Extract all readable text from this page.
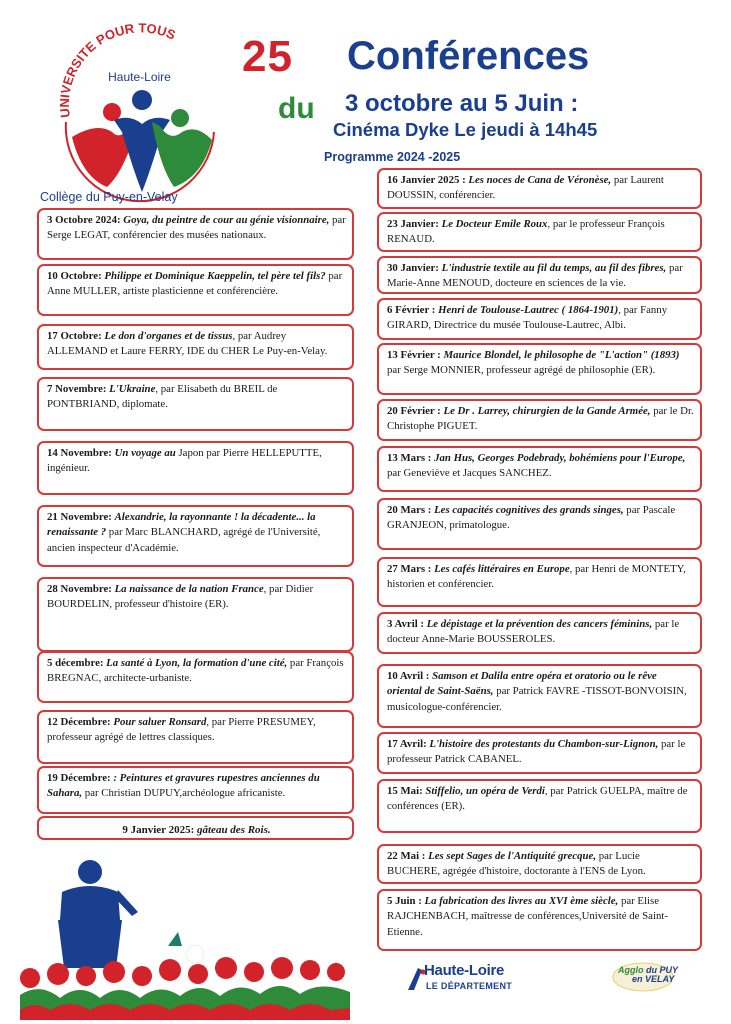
UNIVERSITE POUR TOUS
Haute-Loire
Collège du Puy-en-Velay
25 Conférences
du 3 octobre au 5 Juin :
Cinéma Dyke Le jeudi à 14h45
Programme 2024 -2025
3 Octobre 2024: Goya, du peintre de cour au génie visionnaire, par Serge LEGAT, conférencier des musées nationaux.
10 Octobre: Philippe et Dominique Kaeppelin, tel père tel fils? par Anne MULLER, artiste plasticienne et conférencière.
17 Octobre: Le don d'organes et de tissus, par Audrey ALLEMAND et Laure FERRY, IDE du CHER Le Puy-en-Velay.
7 Novembre: L'Ukraine, par Elisabeth du BREIL de PONTBRIAND, diplomate.
14 Novembre: Un voyage au Japon par Pierre HELLEPUTTE, ingénieur.
21 Novembre: Alexandrie, la rayonnante ! la décadente... la renaissante ? par Marc BLANCHARD, agrégé de l'Université, ancien inspecteur d'Académie.
28 Novembre: La naissance de la nation France, par Didier BOURDELIN, professeur d'histoire (ER).
5 décembre: La santé à Lyon, la formation d'une cité, par François BREGNAC, architecte-urbaniste.
12 Décembre: Pour saluer Ronsard, par Pierre PRESUMEY, professeur agrégé de lettres classiques.
19 Décembre: : Peintures et gravures rupestres anciennes du Sahara, par Christian DUPUY,archéologue africaniste.
9 Janvier 2025: gâteau des Rois.
16 Janvier 2025 : Les noces de Cana de Véronèse, par Laurent DOUSSIN, conférencier.
23 Janvier: Le Docteur Emile Roux, par le professeur François RENAUD.
30 Janvier: L'industrie textile au fil du temps, au fil des fibres, par Marie-Anne MENOUD, docteure en sciences de la vie.
6 Février : Henri de Toulouse-Lautrec ( 1864-1901), par Fanny GIRARD, Directrice du musée Toulouse-Lautrec, Albi.
13 Février : Maurice Blondel, le philosophe de "L'action" (1893) par Serge MONNIER, professeur agrégé de philosophie (ER).
20 Février : Le Dr . Larrey, chirurgien de la Gande Armée, par le Dr. Christophe PIGUET.
13 Mars : Jan Hus, Georges Podebrady, bohémiens pour l'Europe, par Geneviève et Jacques SANCHEZ.
20 Mars : Les capacités cognitives des grands singes, par Pascale GRANJEON, primatologue.
27 Mars : Les cafés littéraires en Europe, par Henri de MONTETY, historien et conférencier.
3 Avril : Le dépistage et la prévention des cancers féminins, par le docteur Anne-Marie BOUSSEROLES.
10 Avril : Samson et Dalila entre opéra et oratorio ou le rêve oriental de Saint-Saëns, par Patrick FAVRE -TISSOT-BONVOISIN, musicologue-conférencier.
17 Avril: L'histoire des protestants du Chambon-sur-Lignon, par le professeur Patrick CABANEL.
15 Mai: Stiffelio, un opéra de Verdi, par Patrick GUELPA, maître de conférences (ER).
22 Mai : Les sept Sages de l'Antiquité grecque, par Lucie BUCHERE, agrégée d'histoire, doctorante à l'ENS de Lyon.
5 Juin : La fabrication des livres au XVI ème siècle, par Elise RAJCHENBACH, maîtresse de conférences,Université de Saint-Etienne.
Haute-Loire
LE DÉPARTEMENT
Agglo du PUY
en VELAY
